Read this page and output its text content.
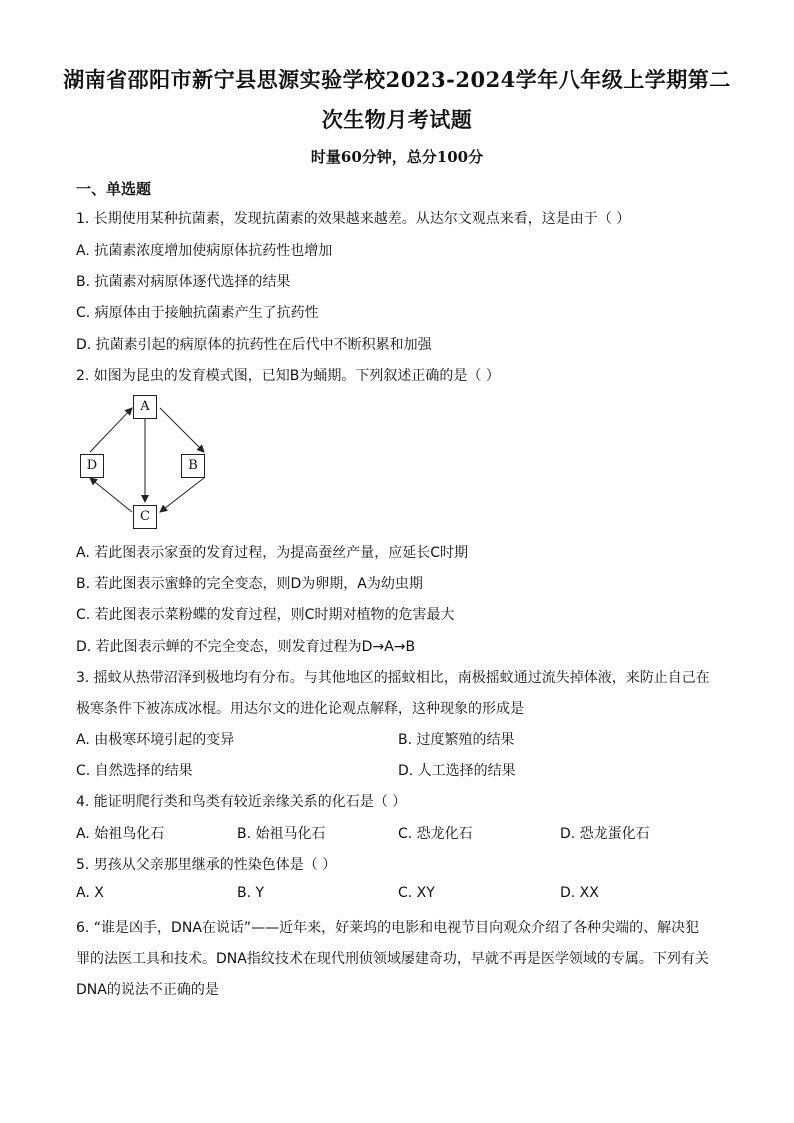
湖南省邵阳市新宁县思源实验学校2023-2024学年八年级上学期第二
次生物月考试题
时量60分钟，总分100分
一、单选题
1. 长期使用某种抗菌素，发现抗菌素的效果越来越差。从达尔文观点来看，这是由于（ ）
A. 抗菌素浓度增加使病原体抗药性也增加
B. 抗菌素对病原体逐代选择的结果
C. 病原体由于接触抗菌素产生了抗药性
D. 抗菌素引起的病原体的抗药性在后代中不断积累和加强
2. 如图为昆虫的发育模式图，已知B为蛹期。下列叙述正确的是（ ）
A
B
C
D
A. 若此图表示家蚕的发育过程，为提高蚕丝产量，应延长C时期
B. 若此图表示蜜蜂的完全变态，则D为卵期，A为幼虫期
C. 若此图表示菜粉蝶的发育过程，则C时期对植物的危害最大
D. 若此图表示蝉的不完全变态，则发育过程为D→A→B
3. 摇蚊从热带沼泽到极地均有分布。与其他地区的摇蚊相比，南极摇蚊通过流失掉体液，来防止自己在
极寒条件下被冻成冰棍。用达尔文的进化论观点解释，这种现象的形成是
A. 由极寒环境引起的变异	B. 过度繁殖的结果
C. 自然选择的结果	D. 人工选择的结果
4. 能证明爬行类和鸟类有较近亲缘关系的化石是（ ）
A. 始祖鸟化石	B. 始祖马化石	C. 恐龙化石	D. 恐龙蛋化石
5. 男孩从父亲那里继承的性染色体是（ ）
A. X	B. Y	C. XY	D. XX
6. “谁是凶手，DNA在说话”——近年来，好莱坞的电影和电视节目向观众介绍了各种尖端的、解决犯
罪的法医工具和技术。DNA指纹技术在现代刑侦领域屡建奇功，早就不再是医学领域的专属。下列有关
DNA的说法不正确的是
